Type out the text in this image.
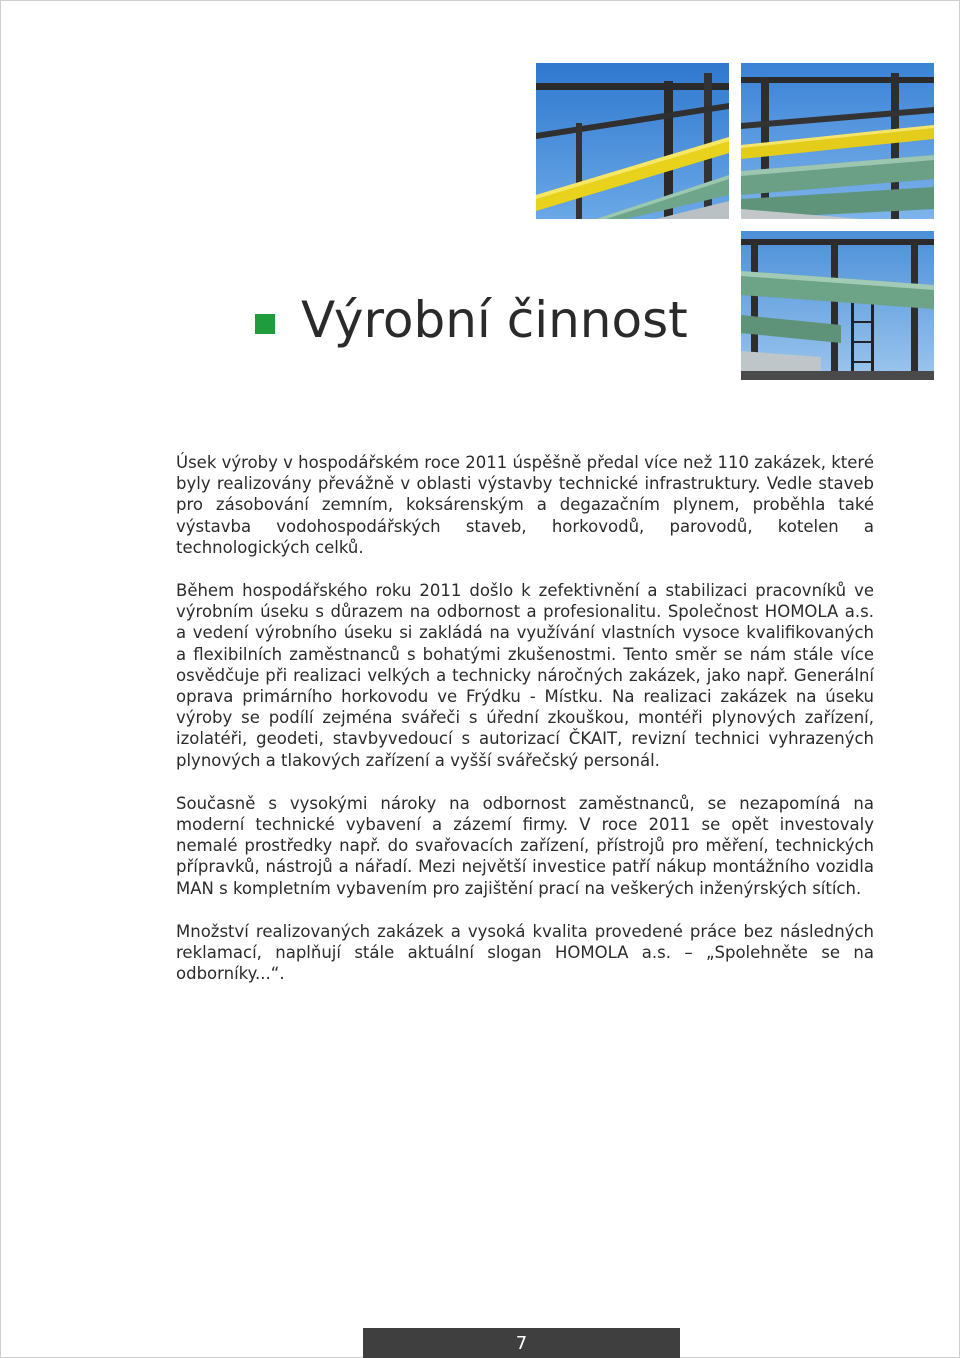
Výrobní činnost

Úsek výroby v hospodářském roce 2011 úspěšně předal více než 110 zakázek, které byly realizovány převážně v oblasti výstavby technické infrastruktury. Vedle staveb pro zásobování zemním, koksárenským a degazačním plynem, proběhla také výstavba vodohospodářských staveb, horkovodů, parovodů, kotelen a technologických celků.

Během hospodářského roku 2011 došlo k zefektivnění a stabilizaci pracovníků ve výrobním úseku s důrazem na odbornost a profesionalitu. Společnost HOMOLA a.s. a vedení výrobního úseku si zakládá na využívání vlastních vysoce kvalifikovaných a flexibilních zaměstnanců s bohatými zkušenostmi. Tento směr se nám stále více osvědčuje při realizaci velkých a technicky náročných zakázek, jako např. Generální oprava primárního horkovodu ve Frýdku - Místku. Na realizaci zakázek na úseku výroby se podílí zejména svářeči s úřední zkouškou, montéři plynových zařízení, izolatéři, geodeti, stavbyvedoucí s autorizací ČKAIT, revizní technici vyhrazených plynových a tlakových zařízení a vyšší svářečský personál.

Současně s vysokými nároky na odbornost zaměstnanců, se nezapomíná na moderní technické vybavení a zázemí firmy. V roce 2011 se opět investovaly nemalé prostředky např. do svařovacích zařízení, přístrojů pro měření, technických přípravků, nástrojů a nářadí. Mezi největší investice patří nákup montážního vozidla MAN s kompletním vybavením pro zajištění prací na veškerých inženýrských sítích.

Množství realizovaných zakázek a vysoká kvalita provedené práce bez následných reklamací, naplňují stále aktuální slogan HOMOLA a.s. – „Spolehněte se na odborníky...“.

7
